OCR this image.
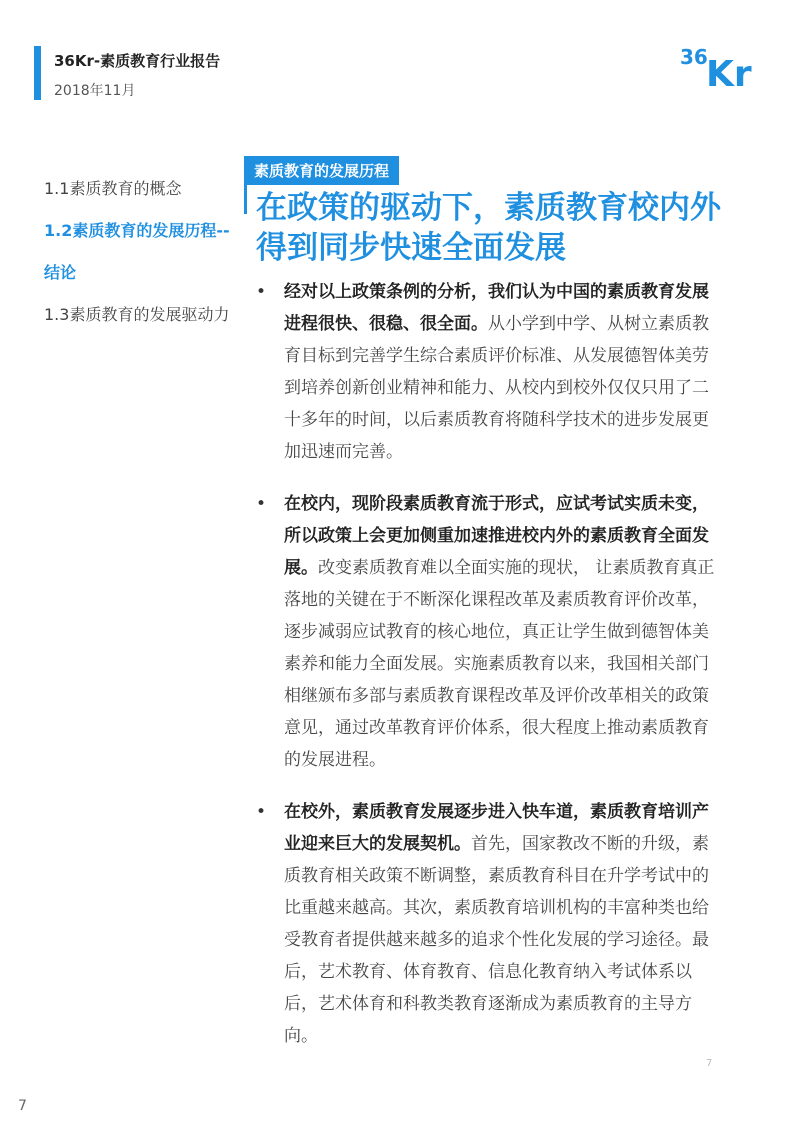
36Kr-素质教育行业报告
2018年11月
36
Kr
1.1素质教育的概念
1.2素质教育的发展历程--结论
1.3素质教育的发展驱动力
素质教育的发展历程
在政策的驱动下，素质教育校内外得到同步快速全面发展
• 经对以上政策条例的分析，我们认为中国的素质教育发展进程很快、很稳、很全面。从小学到中学、从树立素质教育目标到完善学生综合素质评价标准、从发展德智体美劳到培养创新创业精神和能力、从校内到校外仅仅只用了二十多年的时间，以后素质教育将随科学技术的进步发展更加迅速而完善。
• 在校内，现阶段素质教育流于形式，应试考试实质未变，所以政策上会更加侧重加速推进校内外的素质教育全面发展。改变素质教育难以全面实施的现状， 让素质教育真正落地的关键在于不断深化课程改革及素质教育评价改革，逐步减弱应试教育的核心地位，真正让学生做到德智体美素养和能力全面发展。实施素质教育以来，我国相关部门相继颁布多部与素质教育课程改革及评价改革相关的政策意见，通过改革教育评价体系，很大程度上推动素质教育的发展进程。
• 在校外，素质教育发展逐步进入快车道，素质教育培训产业迎来巨大的发展契机。首先，国家教改不断的升级，素质教育相关政策不断调整，素质教育科目在升学考试中的比重越来越高。其次，素质教育培训机构的丰富种类也给受教育者提供越来越多的追求个性化发展的学习途径。最后，艺术教育、体育教育、信息化教育纳入考试体系以后，艺术体育和科教类教育逐渐成为素质教育的主导方向。
7
7
